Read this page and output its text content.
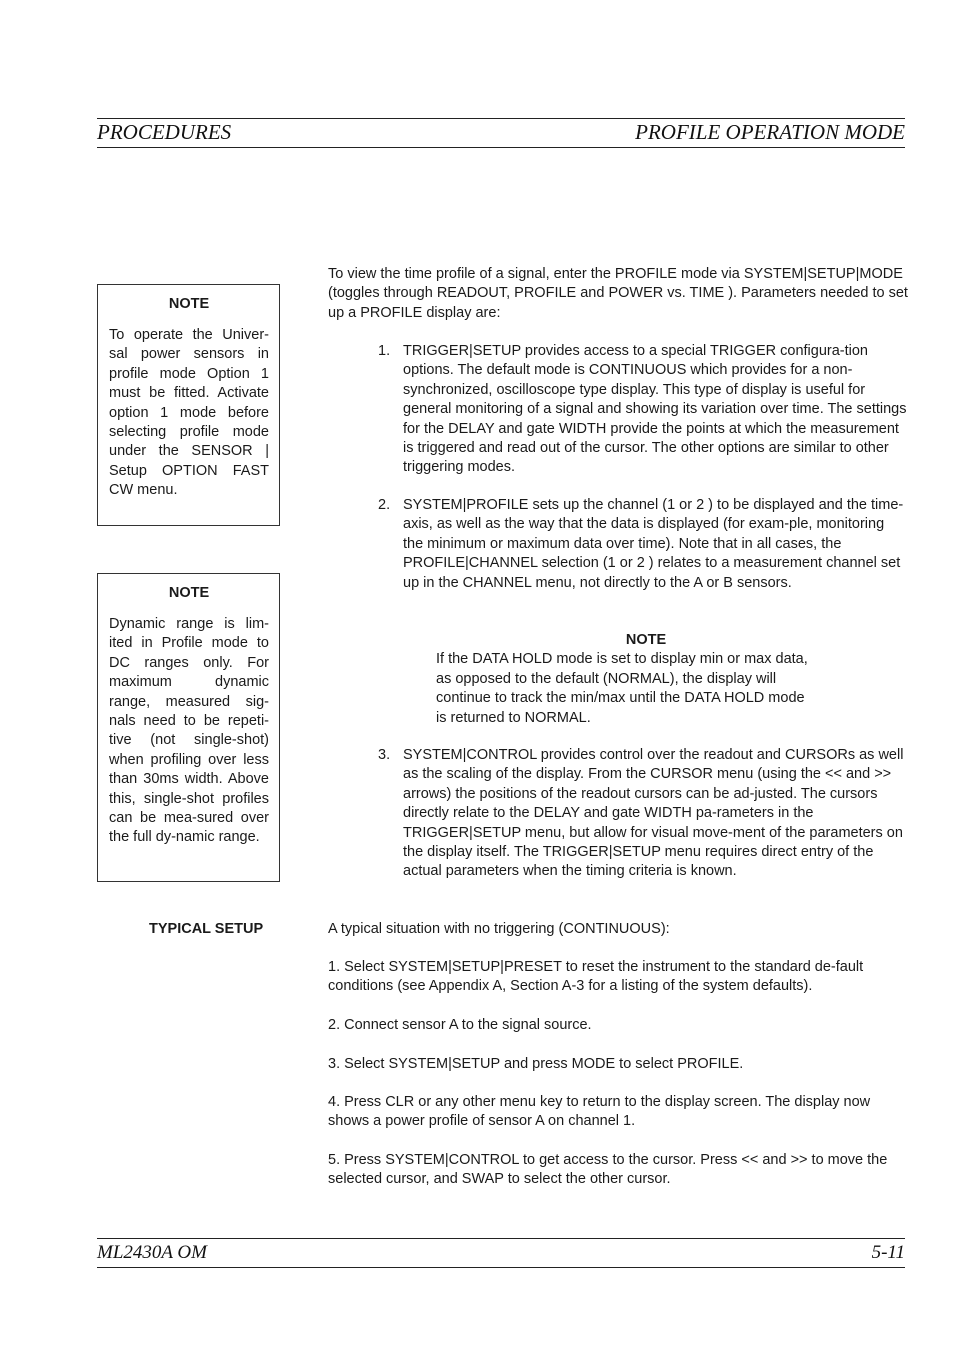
PROCEDURES	PROFILE OPERATION MODE
NOTE
To operate the Univer-sal power sensors in profile mode Option 1 must be fitted. Activate option 1 mode before selecting profile mode under the SENSOR | Setup OPTION FAST CW menu.
NOTE
Dynamic range is lim-ited in Profile mode to DC ranges only. For maximum dynamic range, measured sig-nals need to be repeti-tive (not single-shot) when profiling over less than 30ms width. Above this, single-shot profiles can be mea-sured over the full dy-namic range.
To view the time profile of a signal, enter the PROFILE mode via SYSTEM|SETUP|MODE (toggles through READOUT, PROFILE and POWER vs. TIME ). Parameters needed to set up a PROFILE display are:
1. TRIGGER|SETUP provides access to a special TRIGGER configura-tion options. The default mode is CONTINUOUS which provides for a non-synchronized, oscilloscope type display. This type of display is useful for general monitoring of a signal and showing its variation over time. The settings for the DELAY and gate WIDTH provide the points at which the measurement is triggered and read out of the cursor. The other options are similar to other triggering modes.
2. SYSTEM|PROFILE sets up the channel (1 or 2 ) to be displayed and the time-axis, as well as the way that the data is displayed (for exam-ple, monitoring the minimum or maximum data over time). Note that in all cases, the PROFILE|CHANNEL selection (1 or 2 ) relates to a measurement channel set up in the CHANNEL menu, not directly to the A or B sensors.
NOTE
If the DATA HOLD mode is set to display min or max data,
as opposed to the default (NORMAL), the display will
continue to track the min/max until the DATA HOLD mode
is returned to NORMAL.
3. SYSTEM|CONTROL provides control over the readout and CURSORs as well as the scaling of the display. From the CURSOR menu (using the << and >> arrows) the positions of the readout cursors can be ad-justed. The cursors directly relate to the DELAY and gate WIDTH pa-rameters in the TRIGGER|SETUP menu, but allow for visual move-ment of the parameters on the display itself. The TRIGGER|SETUP menu requires direct entry of the actual parameters when the timing criteria is known.
TYPICAL SETUP	A typical situation with no triggering (CONTINUOUS):
1. Select SYSTEM|SETUP|PRESET to reset the instrument to the standard de-fault conditions (see Appendix A, Section A-3 for a listing of the system defaults).
2. Connect sensor A to the signal source.
3. Select SYSTEM|SETUP and press MODE to select PROFILE.
4. Press CLR or any other menu key to return to the display screen. The display now shows a power profile of sensor A on channel 1.
5. Press SYSTEM|CONTROL to get access to the cursor. Press << and >> to move the selected cursor, and SWAP to select the other cursor.
ML2430A OM	5-11
